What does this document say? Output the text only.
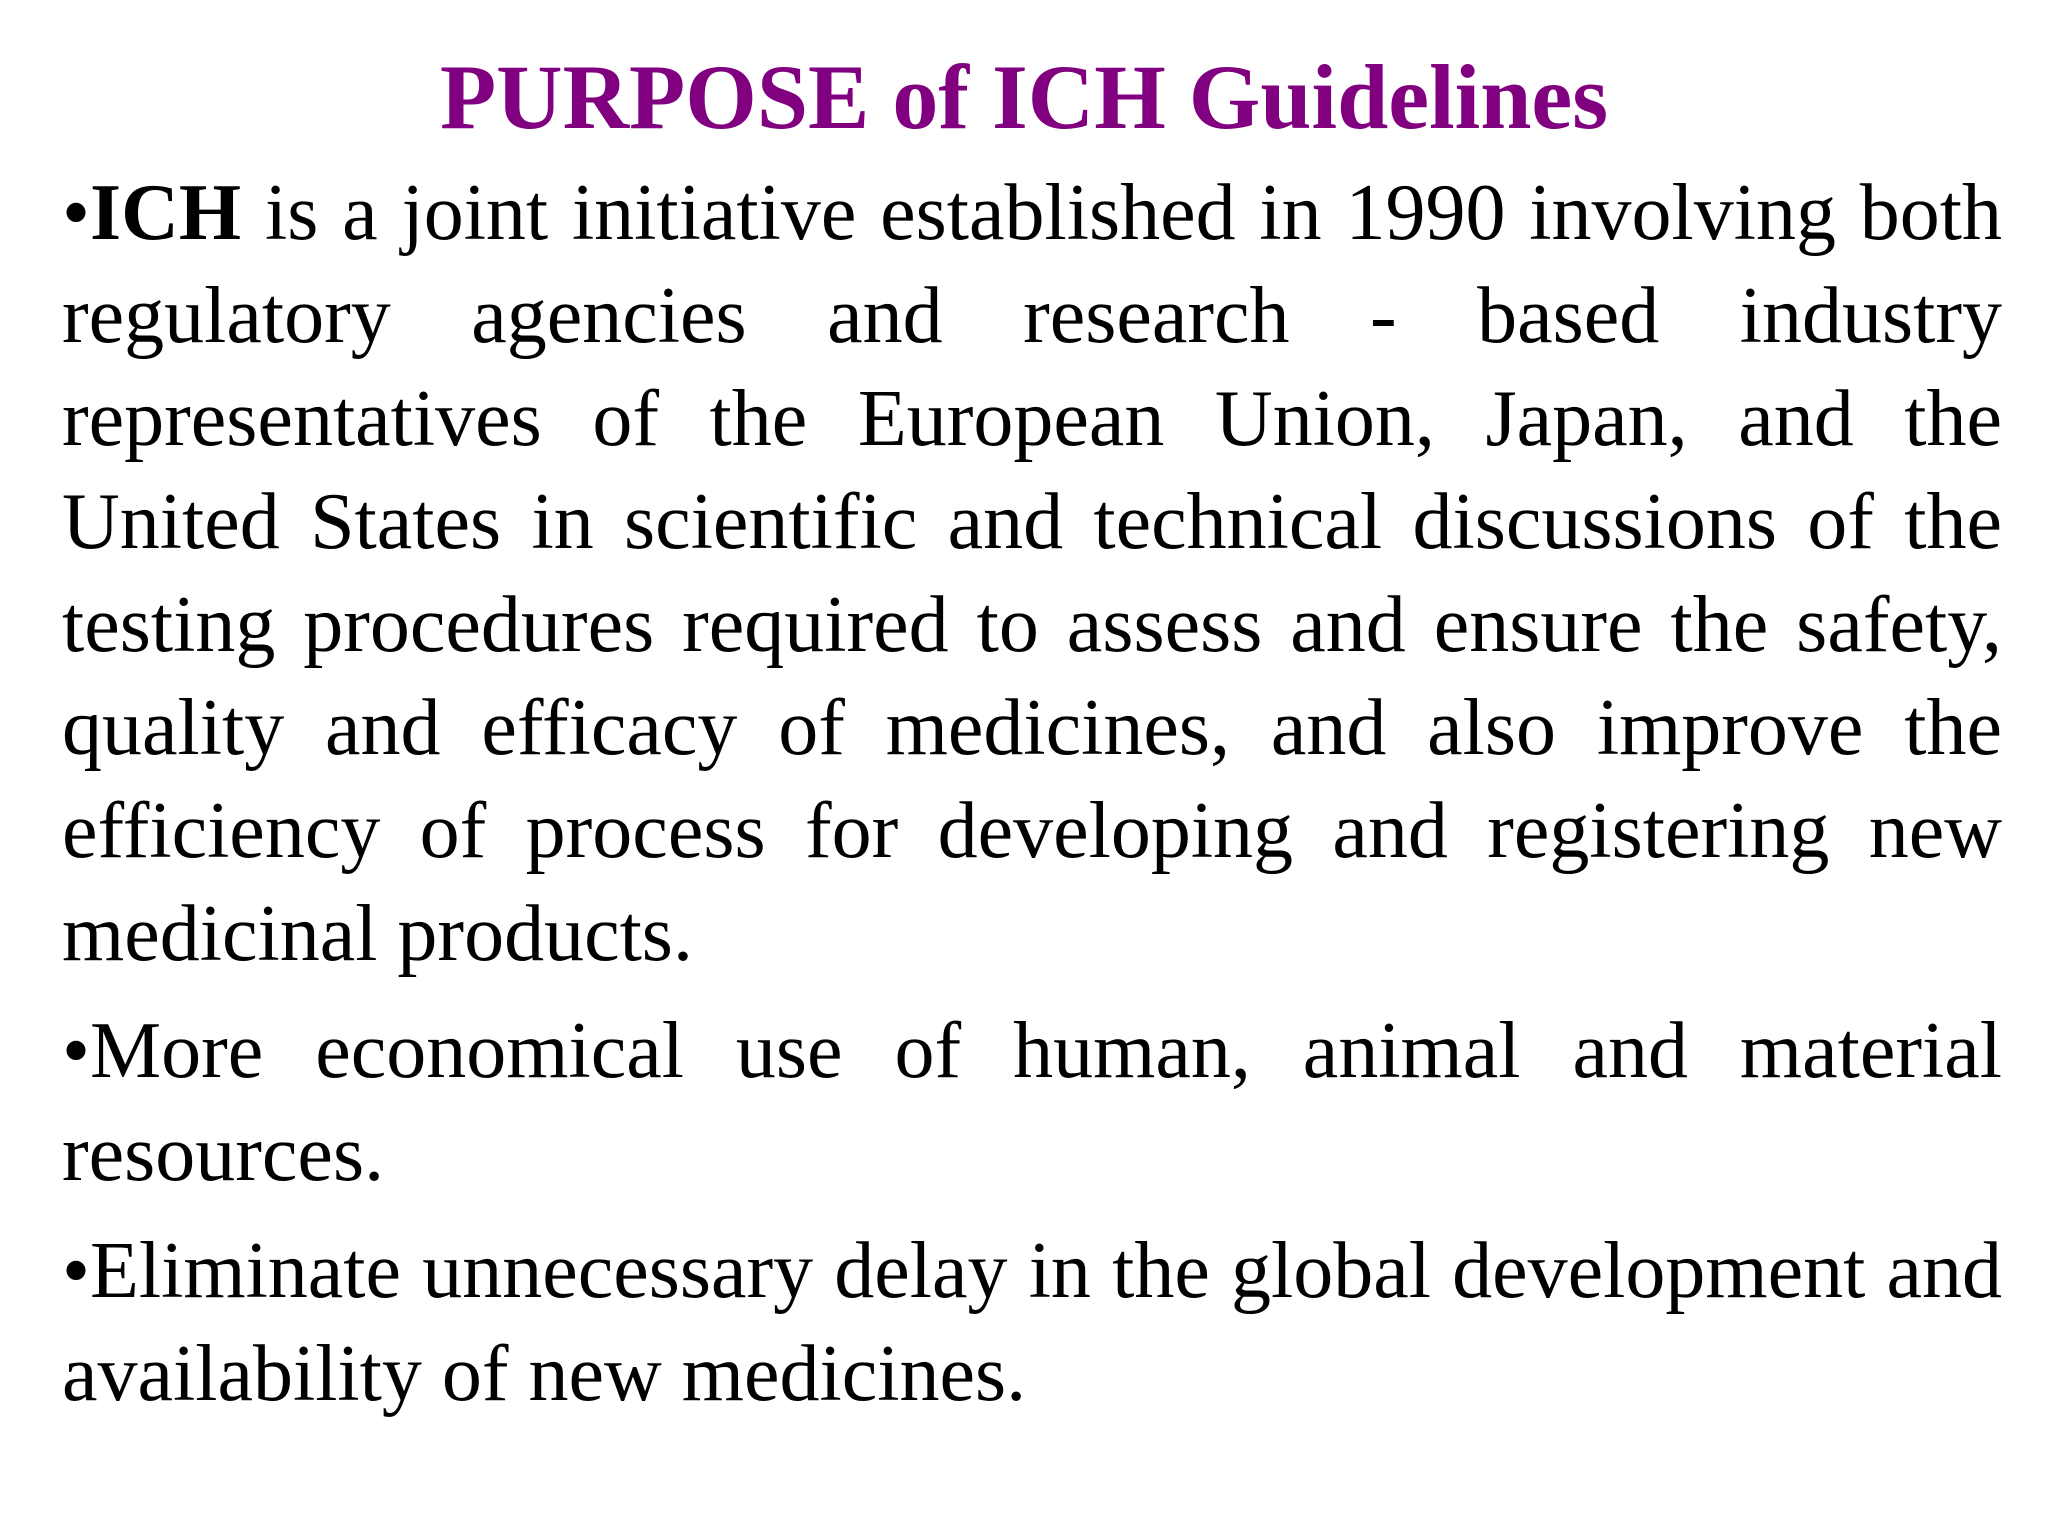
PURPOSE of ICH Guidelines

•ICH is a joint initiative established in 1990 involving both regulatory agencies and research - based industry representatives of the European Union, Japan, and the United States in scientific and technical discussions of the testing procedures required to assess and ensure the safety, quality and efficacy of medicines, and also improve the efficiency of process for developing and registering new medicinal products.

•More economical use of human, animal and material resources.

•Eliminate unnecessary delay in the global development and availability of new medicines.
